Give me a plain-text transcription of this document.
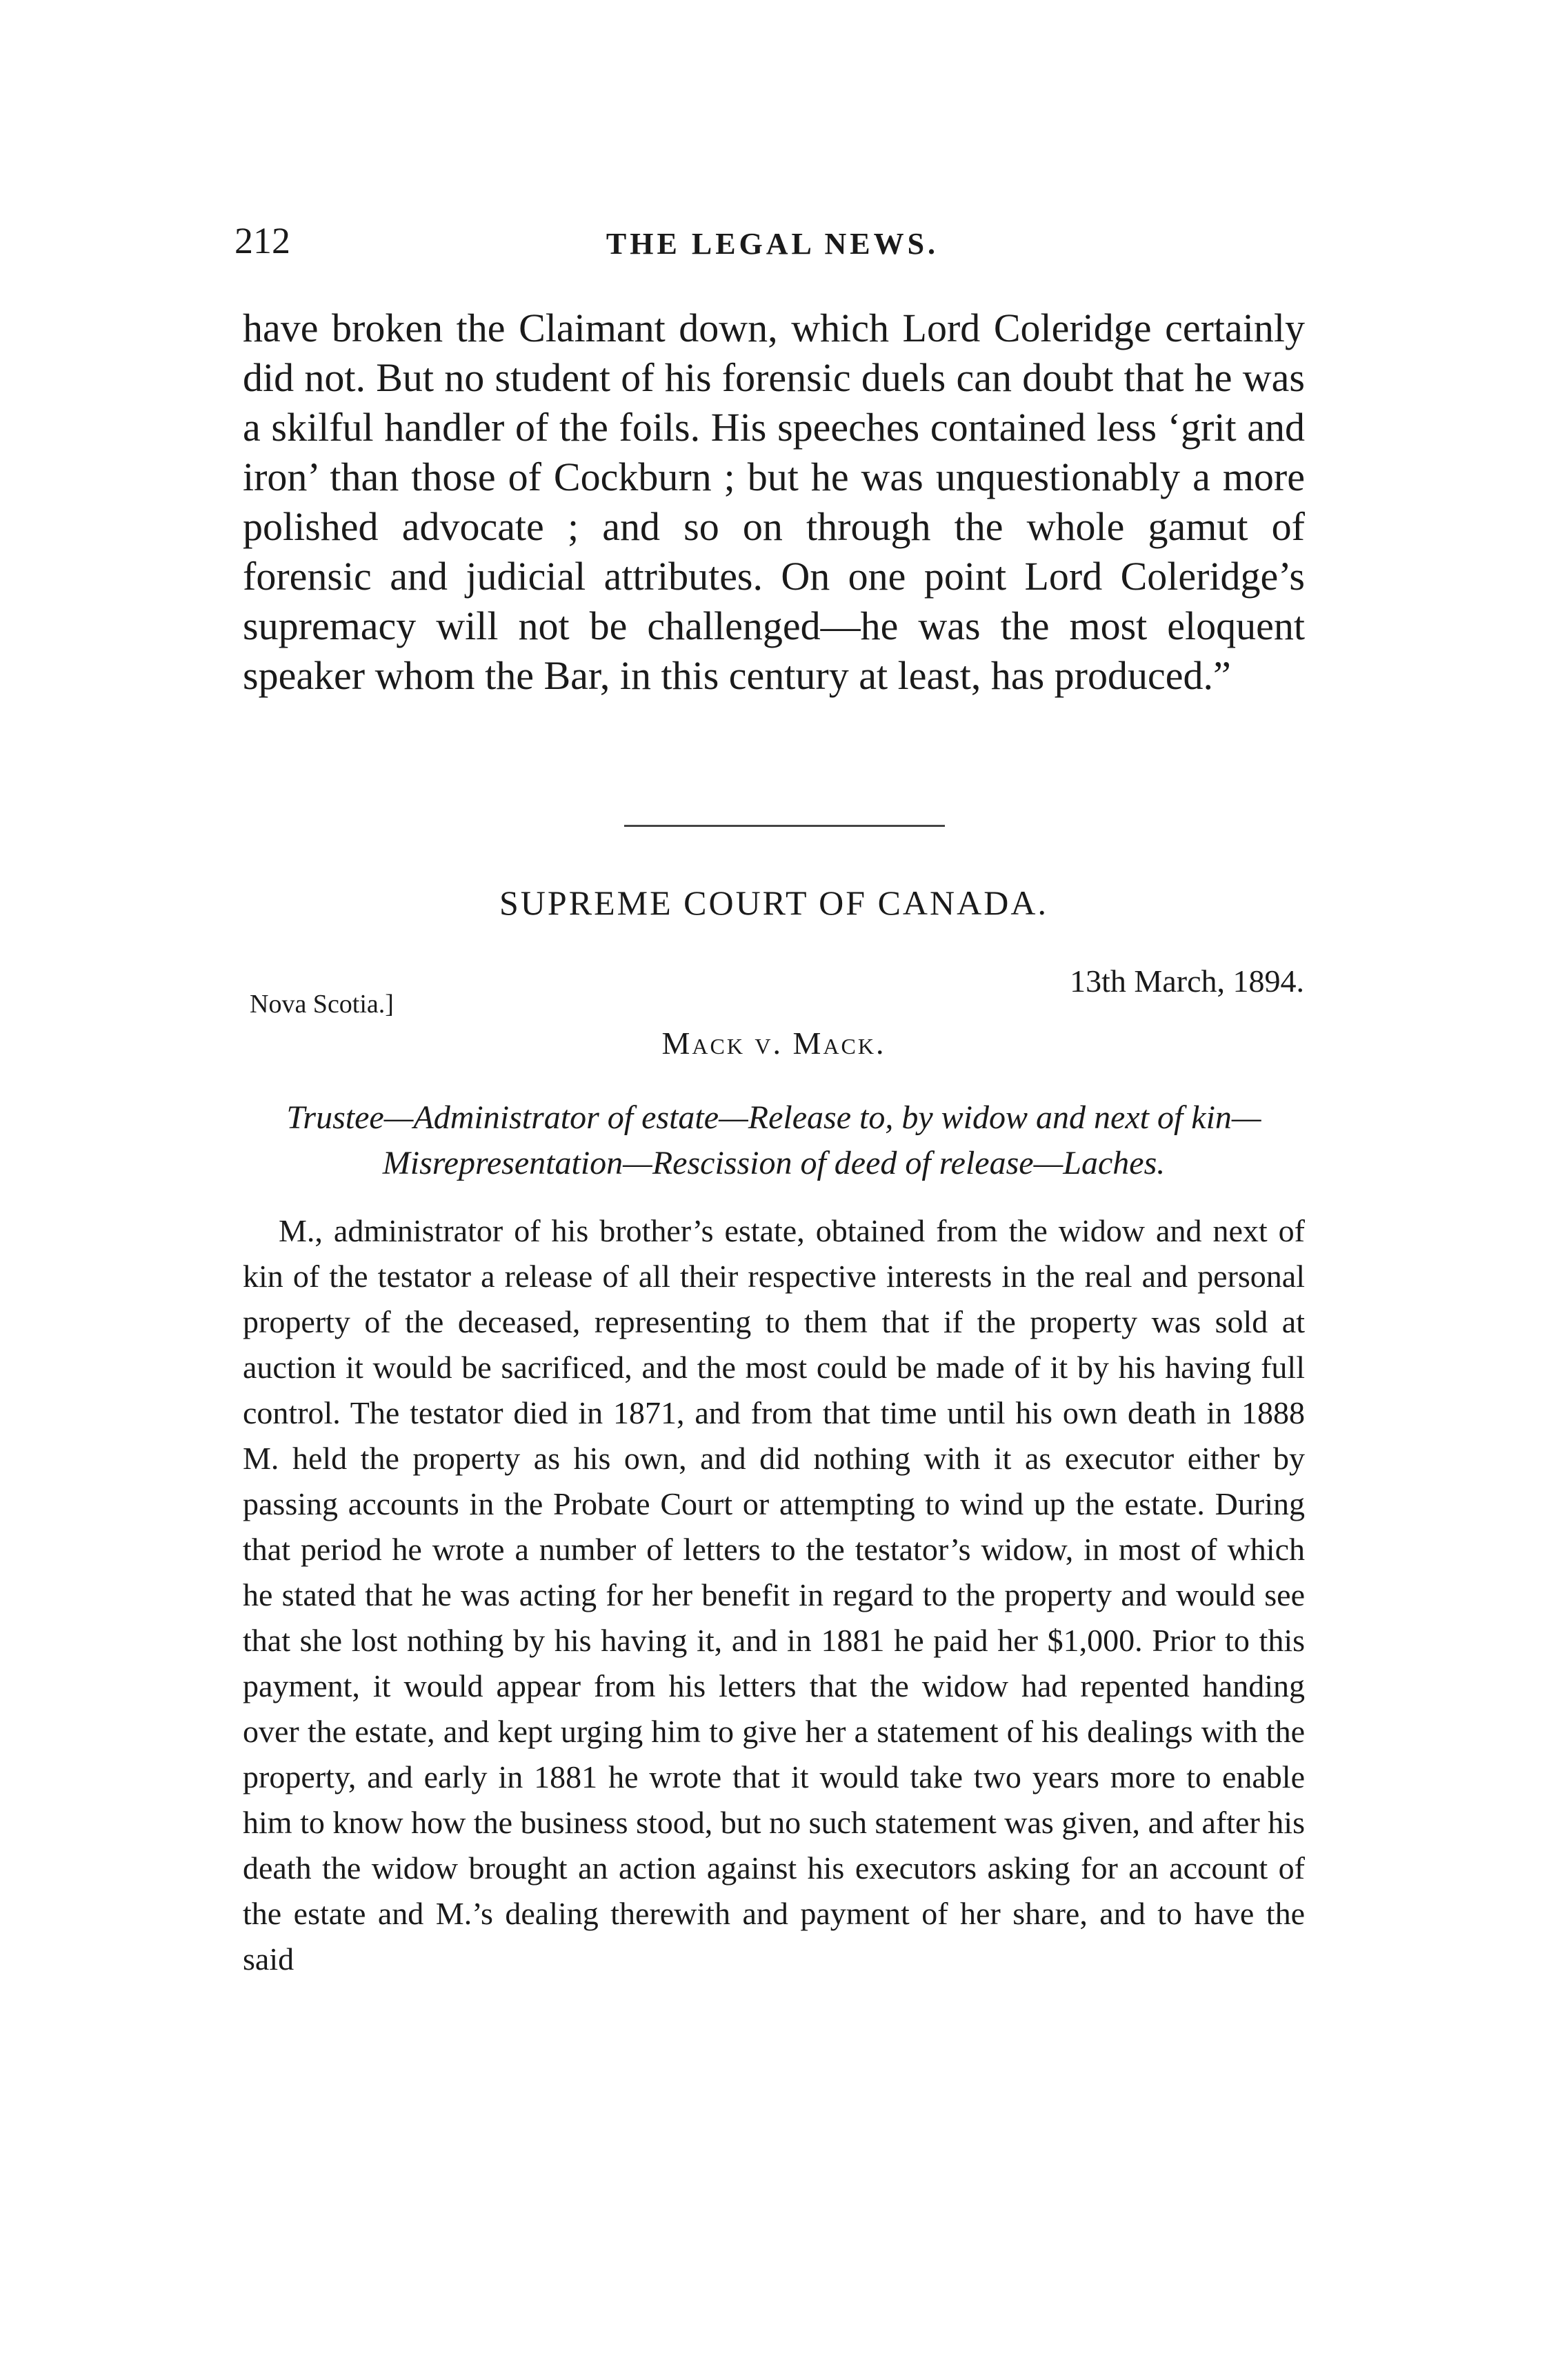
212	THE LEGAL NEWS.

have broken the Claimant down, which Lord Coleridge certainly did not. But no student of his forensic duels can doubt that he was a skilful handler of the foils. His speeches contained less ‘grit and iron’ than those of Cockburn ; but he was unquestionably a more polished advocate ; and so on through the whole gamut of forensic and judicial attributes. On one point Lord Coleridge’s supremacy will not be challenged—he was the most eloquent speaker whom the Bar, in this century at least, has produced.”

SUPREME COURT OF CANADA.
13th March, 1894.
Nova Scotia.]
Mack v. Mack.

Trustee—Administrator of estate—Release to, by widow and next of kin—Misrepresentation—Rescission of deed of release—Laches.

M., administrator of his brother’s estate, obtained from the widow and next of kin of the testator a release of all their respective interests in the real and personal property of the deceased, representing to them that if the property was sold at auction it would be sacrificed, and the most could be made of it by his having full control. The testator died in 1871, and from that time until his own death in 1888 M. held the property as his own, and did nothing with it as executor either by passing accounts in the Probate Court or attempting to wind up the estate. During that period he wrote a number of letters to the testator’s widow, in most of which he stated that he was acting for her benefit in regard to the property and would see that she lost nothing by his having it, and in 1881 he paid her $1,000. Prior to this payment, it would appear from his letters that the widow had repented handing over the estate, and kept urging him to give her a statement of his dealings with the property, and early in 1881 he wrote that it would take two years more to enable him to know how the business stood, but no such statement was given, and after his death the widow brought an action against his executors asking for an account of the estate and M.’s dealing therewith and payment of her share, and to have the said
